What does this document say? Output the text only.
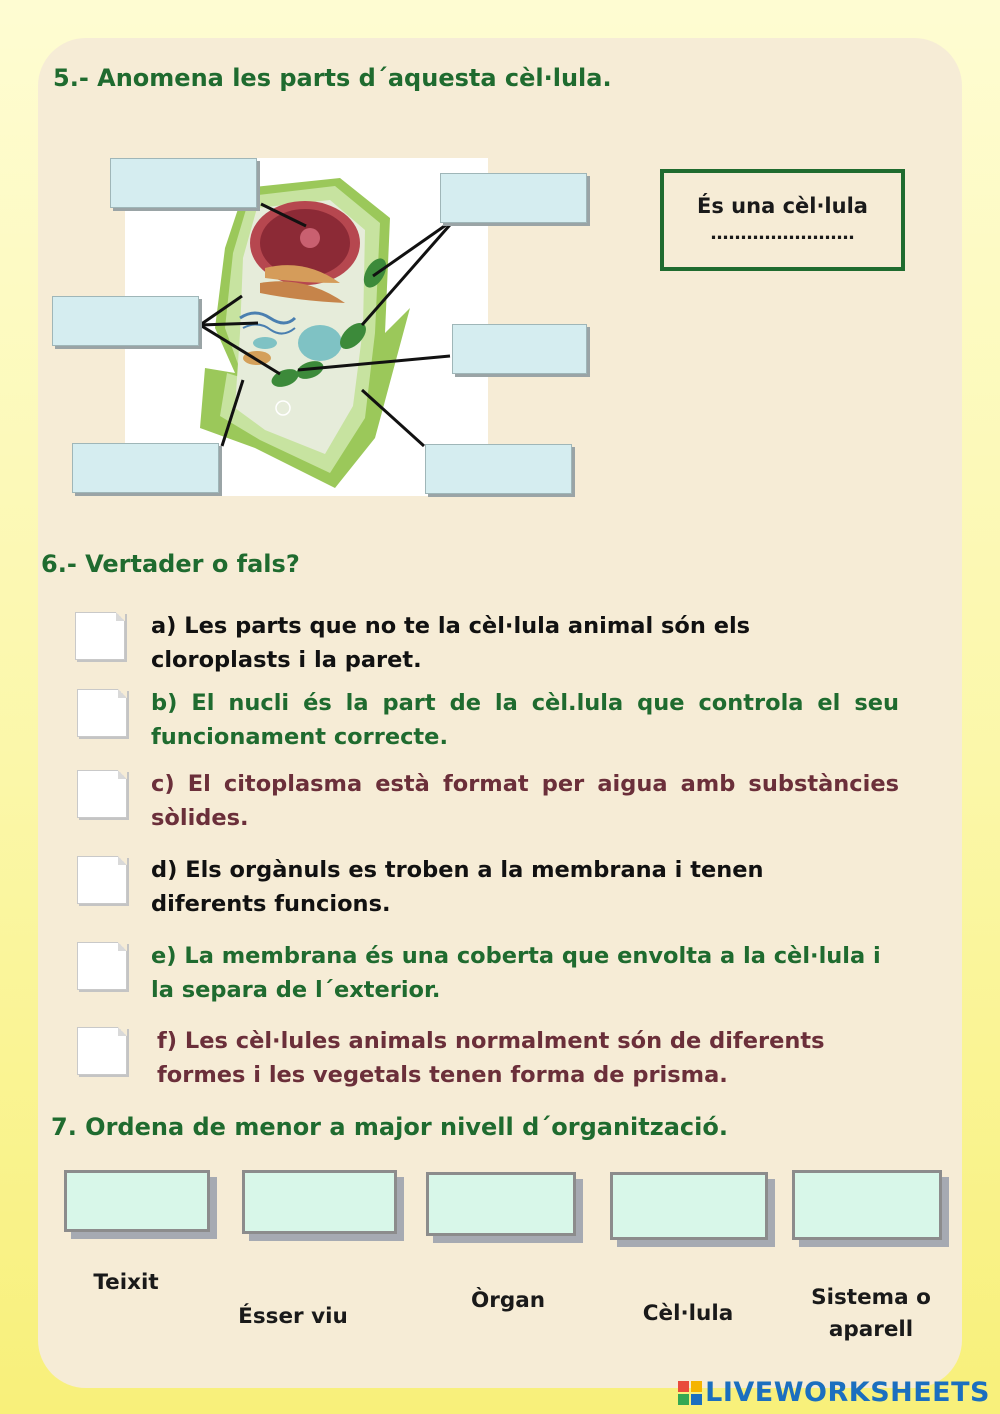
5.- Anomena les parts d´aquesta cèl·lula.
És una cèl·lula
……………………
6.- Vertader o fals?
a) Les parts que no te la cèl·lula animal són els cloroplasts i la paret.
b) El nucli és la part de la cèl.lula que controla el seu funcionament correcte.
c) El citoplasma està format per aigua amb substàncies sòlides.
d) Els orgànuls es troben a la membrana i tenen diferents funcions.
e) La membrana és una coberta que envolta a la cèl·lula i la separa de l´exterior.
f) Les cèl·lules animals normalment són de diferents formes i les vegetals tenen forma de prisma.
7. Ordena de menor a major nivell d´organització.
Teixit
Ésser viu
Òrgan
Cèl·lula
Sistema o aparell
LIVEWORKSHEETS
